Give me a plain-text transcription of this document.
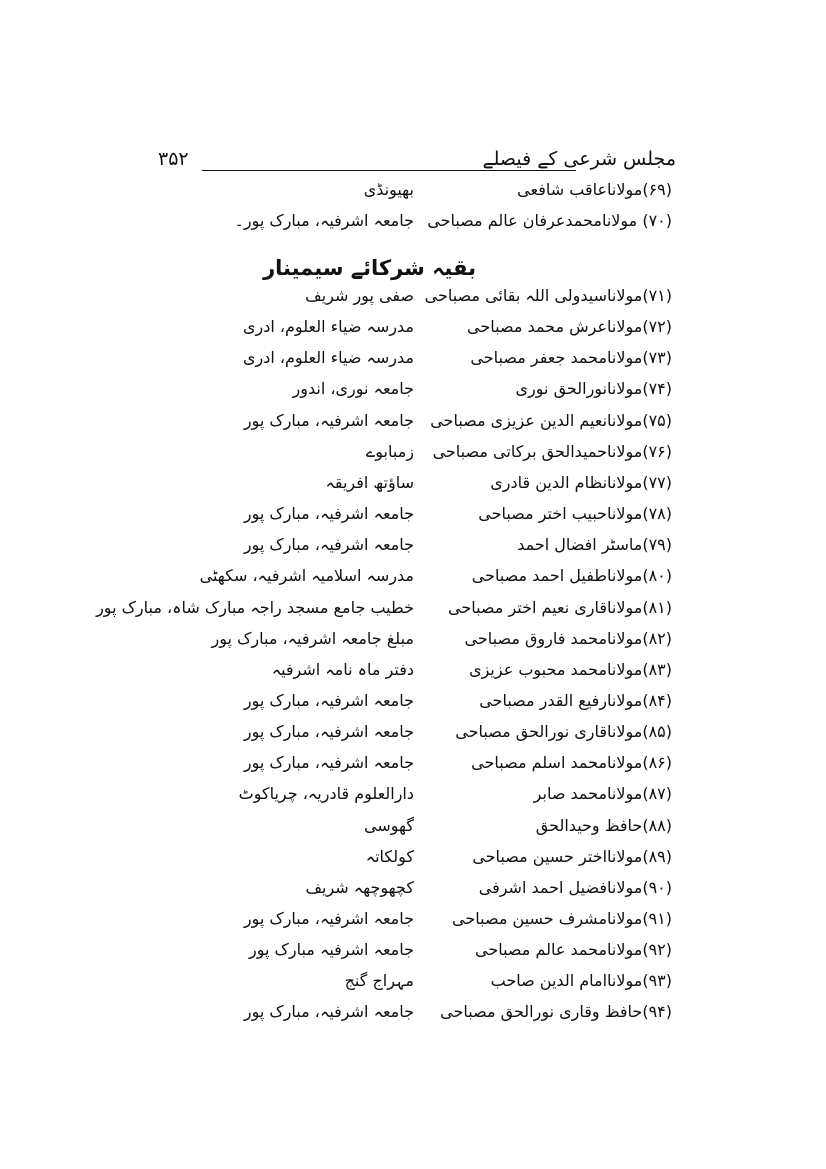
مجلس شرعی کے فیصلے
۳۵۲
(۶۹)مولاناعاقب شافعی
بھیونڈی
(۷۰) مولانامحمدعرفان عالم مصباحی
جامعہ اشرفیہ، مبارک پور۔
بقیہ شرکائے سیمینار
(۷۱)مولاناسیدولی اللہ بقائی مصباحی
صفی پور شریف
(۷۲)مولاناعرش محمد مصباحی
مدرسہ ضیاء العلوم، ادری
(۷۳)مولانامحمد جعفر مصباحی
مدرسہ ضیاء العلوم، ادری
(۷۴)مولانانورالحق نوری
جامعہ نوری، اندور
(۷۵)مولانانعیم الدین عزیزی مصباحی
جامعہ اشرفیہ، مبارک پور
(۷۶)مولاناحمیدالحق برکاتی مصباحی
زمبابوے
(۷۷)مولانانظام الدین قادری
ساؤتھ افریقہ
(۷۸)مولاناحبیب اختر مصباحی
جامعہ اشرفیہ، مبارک پور
(۷۹)ماسٹر افضال احمد
جامعہ اشرفیہ، مبارک پور
(۸۰)مولاناطفیل احمد مصباحی
مدرسہ اسلامیہ اشرفیہ، سکھٹی
(۸۱)مولاناقاری نعیم اختر مصباحی
خطیب جامع مسجد راجہ مبارک شاہ، مبارک پور
(۸۲)مولانامحمد فاروق مصباحی
مبلغ جامعہ اشرفیہ، مبارک پور
(۸۳)مولانامحمد محبوب عزیزی
دفتر ماہ نامہ اشرفیہ
(۸۴)مولانارفیع القدر مصباحی
جامعہ اشرفیہ، مبارک پور
(۸۵)مولاناقاری نورالحق مصباحی
جامعہ اشرفیہ، مبارک پور
(۸۶)مولانامحمد اسلم مصباحی
جامعہ اشرفیہ، مبارک پور
(۸۷)مولانامحمد صابر
دارالعلوم قادریہ، چریاکوٹ
(۸۸)حافظ وحیدالحق
گھوسی
(۸۹)مولانااختر حسین مصباحی
کولکاتہ
(۹۰)مولانافضیل احمد اشرفی
کچھوچھہ شریف
(۹۱)مولانامشرف حسین مصباحی
جامعہ اشرفیہ، مبارک پور
(۹۲)مولانامحمد عالم مصباحی
جامعہ اشرفیہ مبارک پور
(۹۳)مولاناامام الدین صاحب
مہراج گنج
(۹۴)حافظ وقاری نورالحق مصباحی
جامعہ اشرفیہ، مبارک پور
